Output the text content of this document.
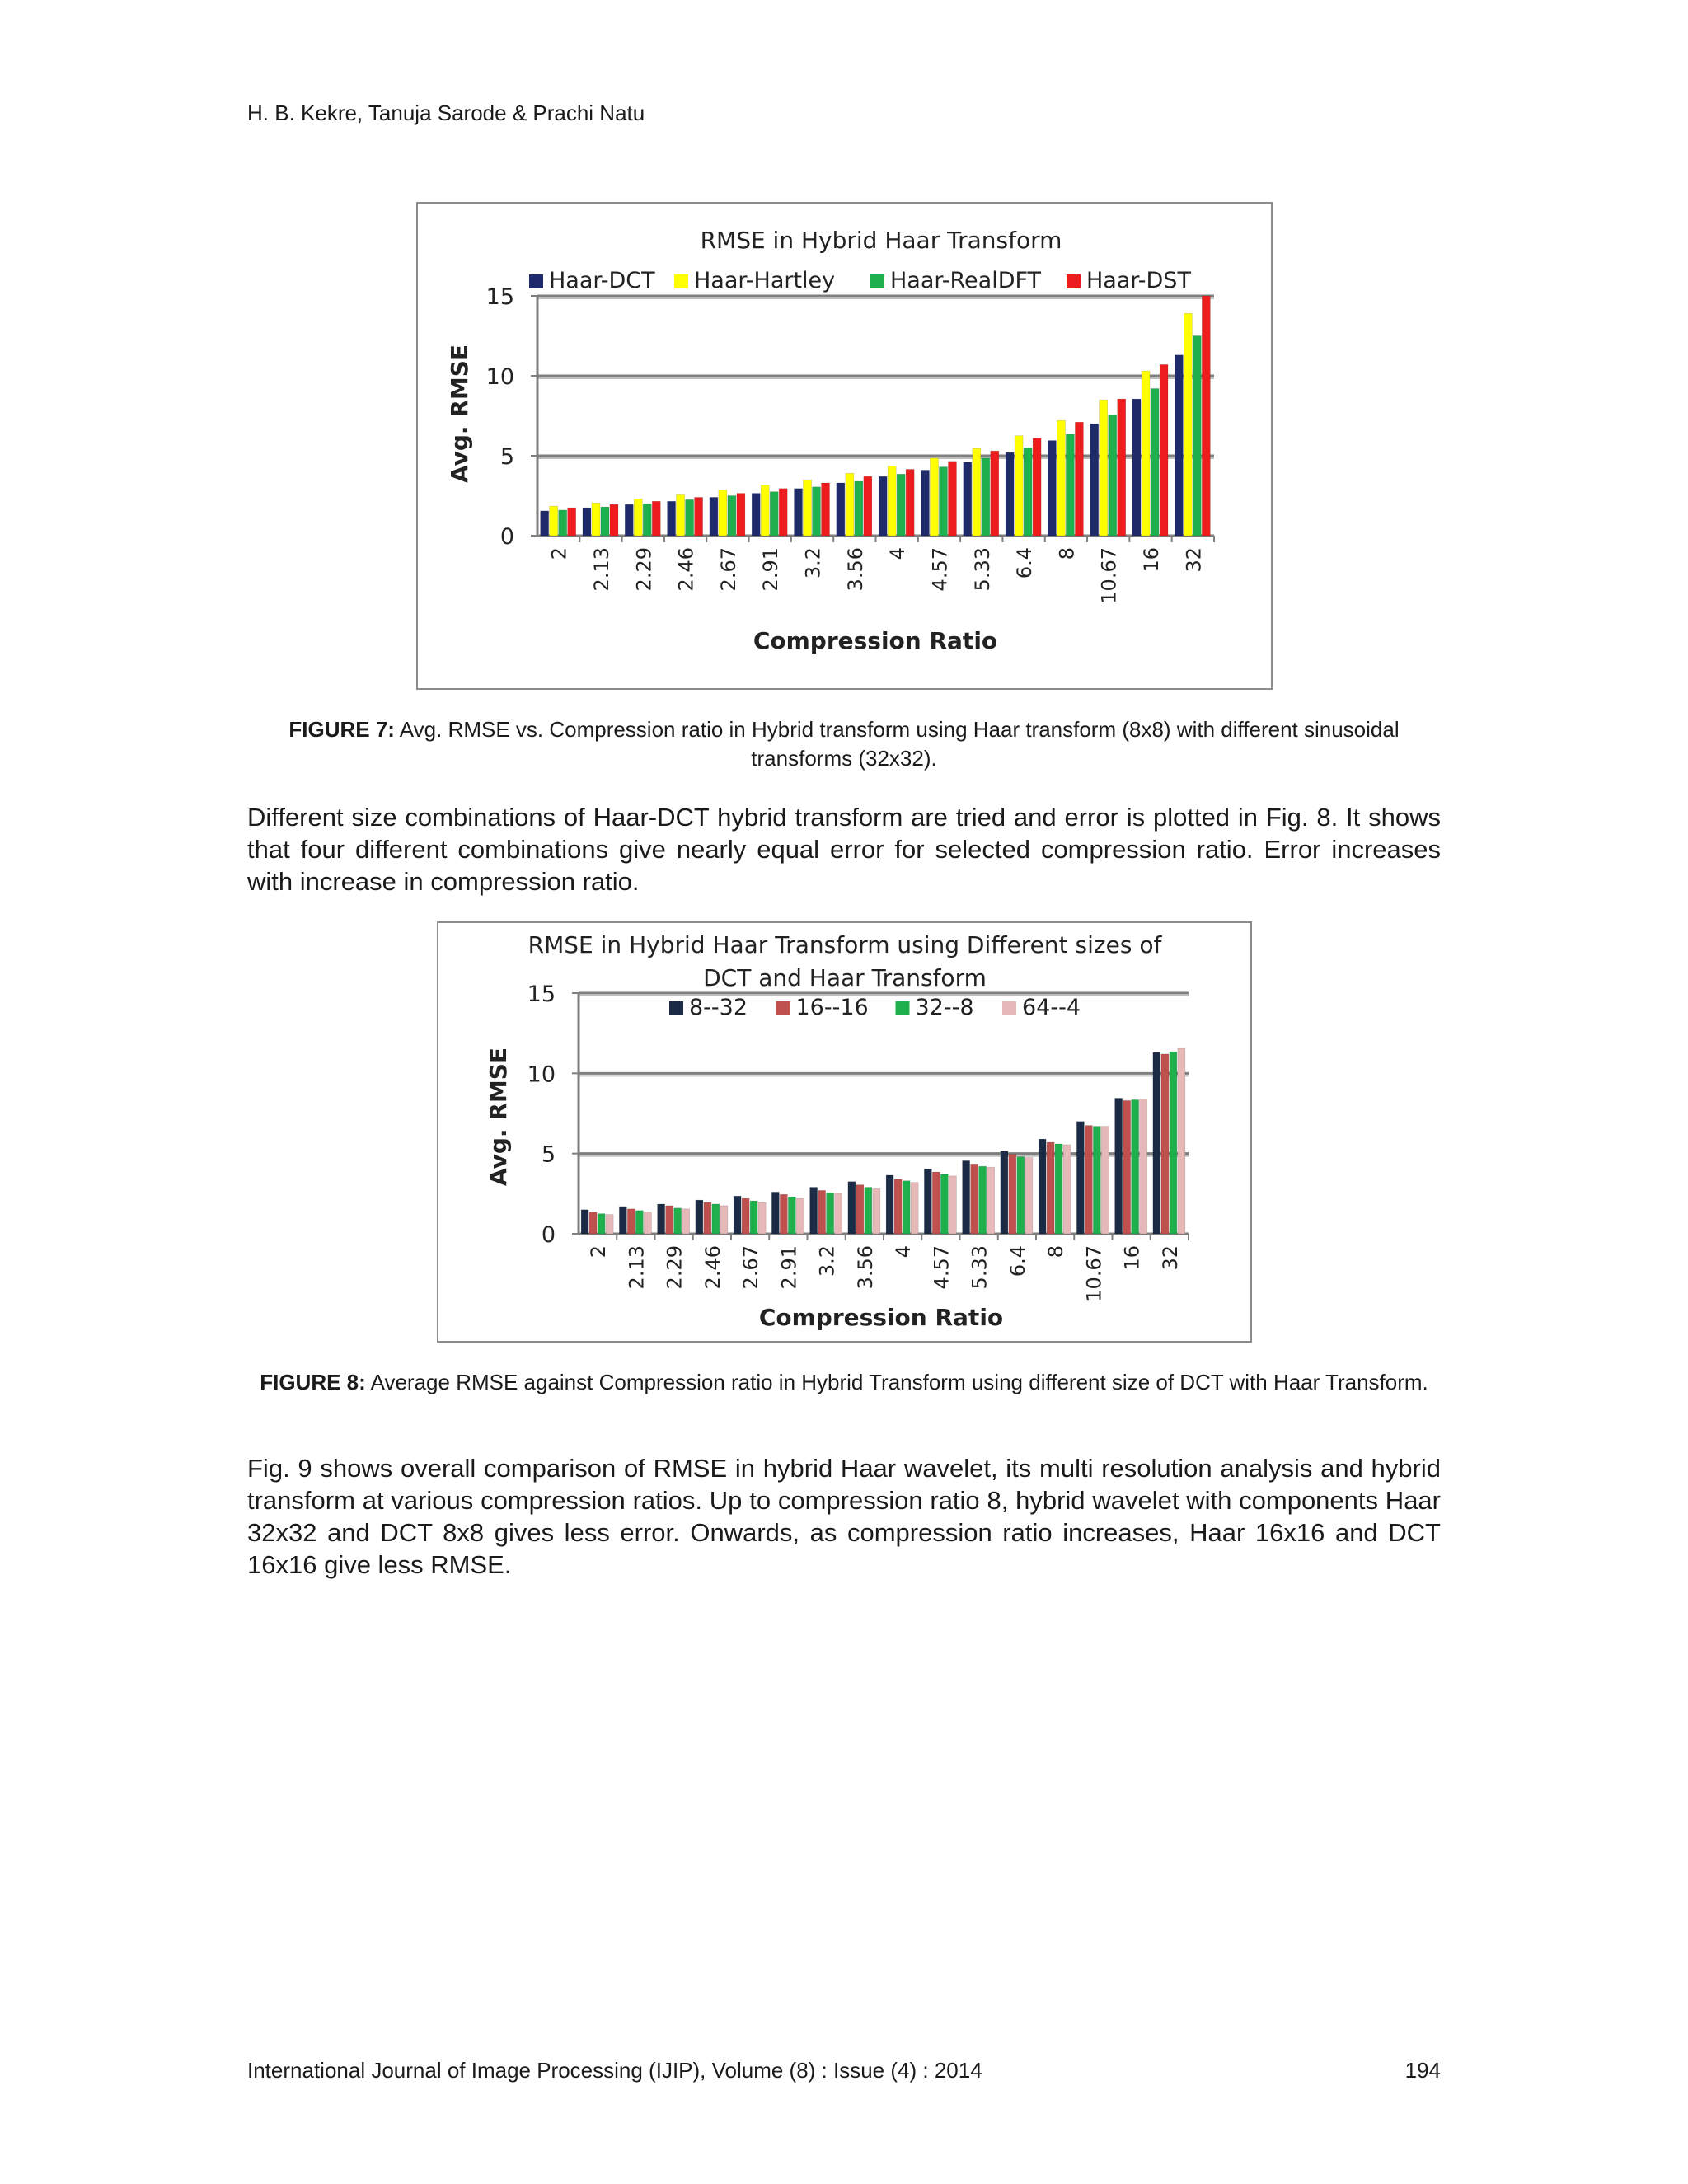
H. B. Kekre, Tanuja Sarode & Prachi Natu
RMSE in Hybrid Haar Transform
0
5
10
15
2 2.13 2.29 2.46 2.67 2.91 3.2 3.56 4 4.57 5.33 6.4 8 10.67 16 32
Haar-DCT Haar-Hartley Haar-RealDFT Haar-DST
Compression Ratio
Avg. RMSE
FIGURE 7: Avg. RMSE vs. Compression ratio in Hybrid transform using Haar transform (8x8) with different sinusoidal transforms (32x32).
Different size combinations of Haar-DCT hybrid transform are tried and error is plotted in Fig. 8. It shows that four different combinations give nearly equal error for selected compression ratio. Error increases with increase in compression ratio.
RMSE in Hybrid Haar Transform using Different sizes of
DCT and Haar Transform
0
5
10
15
2 2.13 2.29 2.46 2.67 2.91 3.2 3.56 4 4.57 5.33 6.4 8 10.67 16 32
8--32 16--16 32--8 64--4
Compression Ratio
Avg. RMSE
FIGURE 8: Average RMSE against Compression ratio in Hybrid Transform using different size of DCT with Haar Transform.
Fig. 9 shows overall comparison of RMSE in hybrid Haar wavelet, its multi resolution analysis and hybrid transform at various compression ratios. Up to compression ratio 8, hybrid wavelet with components Haar 32x32 and DCT 8x8 gives less error. Onwards, as compression ratio increases, Haar 16x16 and DCT 16x16 give less RMSE.
International Journal of Image Processing (IJIP), Volume (8) : Issue (4) : 2014	194
